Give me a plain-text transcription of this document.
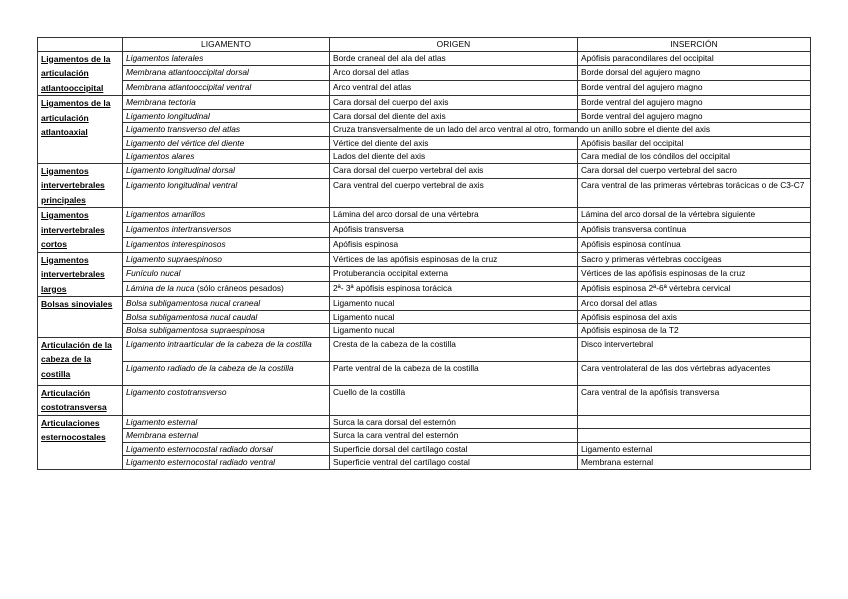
	LIGAMENTO	ORIGEN	INSERCIÓN
Ligamentos de la articulación atlantooccipital	Ligamentos laterales	Borde craneal del ala del atlas	Apófisis paracondilares del occipital
	Membrana atlantooccipital dorsal	Arco dorsal del atlas	Borde dorsal del agujero magno
	Membrana atlantooccipital ventral	Arco ventral del atlas	Borde ventral del agujero magno
Ligamentos de la articulación atlantoaxial	Membrana tectoria	Cara dorsal del cuerpo del axis	Borde ventral del agujero magno
	Ligamento longitudinal	Cara dorsal del diente del axis	Borde ventral del agujero magno
	Ligamento transverso del atlas	Cruza transversalmente de un lado del arco ventral al otro, formando un anillo sobre el diente del axis	
	Ligamento del vértice del diente	Vértice del diente del axis	Apófisis basilar del occipital
	Ligamentos alares	Lados del diente del axis	Cara medial de los cóndilos del occipital
Ligamentos intervertebrales principales	Ligamento longitudinal dorsal	Cara dorsal del cuerpo vertebral del axis	Cara dorsal del cuerpo vertebral del sacro
	Ligamento longitudinal ventral	Cara ventral del cuerpo vertebral de axis	Cara ventral de las primeras vértebras torácicas o de C3-C7
Ligamentos intervertebrales cortos	Ligamentos amarillos	Lámina del arco dorsal de una vértebra	Lámina del arco dorsal de la vértebra siguiente
	Ligamentos intertransversos	Apófisis transversa	Apófisis transversa contínua
	Ligamentos interespinosos	Apófisis espinosa	Apófisis espinosa contínua
Ligamentos intervertebrales largos	Ligamento supraespinoso	Vértices de las apófisis espinosas de la cruz	Sacro y primeras vértebras coccígeas
	Funículo nucal	Protuberancia occipital externa	Vértices de las apófisis espinosas de la cruz
	Lámina de la nuca (sólo cráneos pesados)	2ª- 3ª apófisis espinosa torácica	Apófisis espinosa 2ª-6ª vértebra cervical
Bolsas sinoviales	Bolsa subligamentosa nucal craneal	Ligamento nucal	Arco dorsal del atlas
	Bolsa subligamentosa nucal caudal	Ligamento nucal	Apófisis espinosa del axis
	Bolsa subligamentosa supraespinosa	Ligamento nucal	Apófisis espinosa de la T2
Articulación de la cabeza de la costilla	Ligamento intraarticular de la cabeza de la costilla	Cresta de la cabeza de la costilla	Disco intervertebral
	Ligamento radiado de la cabeza de la costilla	Parte ventral de la cabeza de la costilla	Cara ventrolateral de las dos vértebras adyacentes
Articulación costotransversa	Ligamento costotransverso	Cuello de la costilla	Cara ventral de la apófisis transversa
Articulaciones esternocostales	Ligamento esternal	Surca la cara dorsal del esternón	
	Membrana esternal	Surca la cara ventral del esternón	
	Ligamento esternocostal radiado dorsal	Superficie dorsal del cartílago costal	Ligamento esternal
	Ligamento esternocostal radiado ventral	Superficie ventral del cartílago costal	Membrana esternal
